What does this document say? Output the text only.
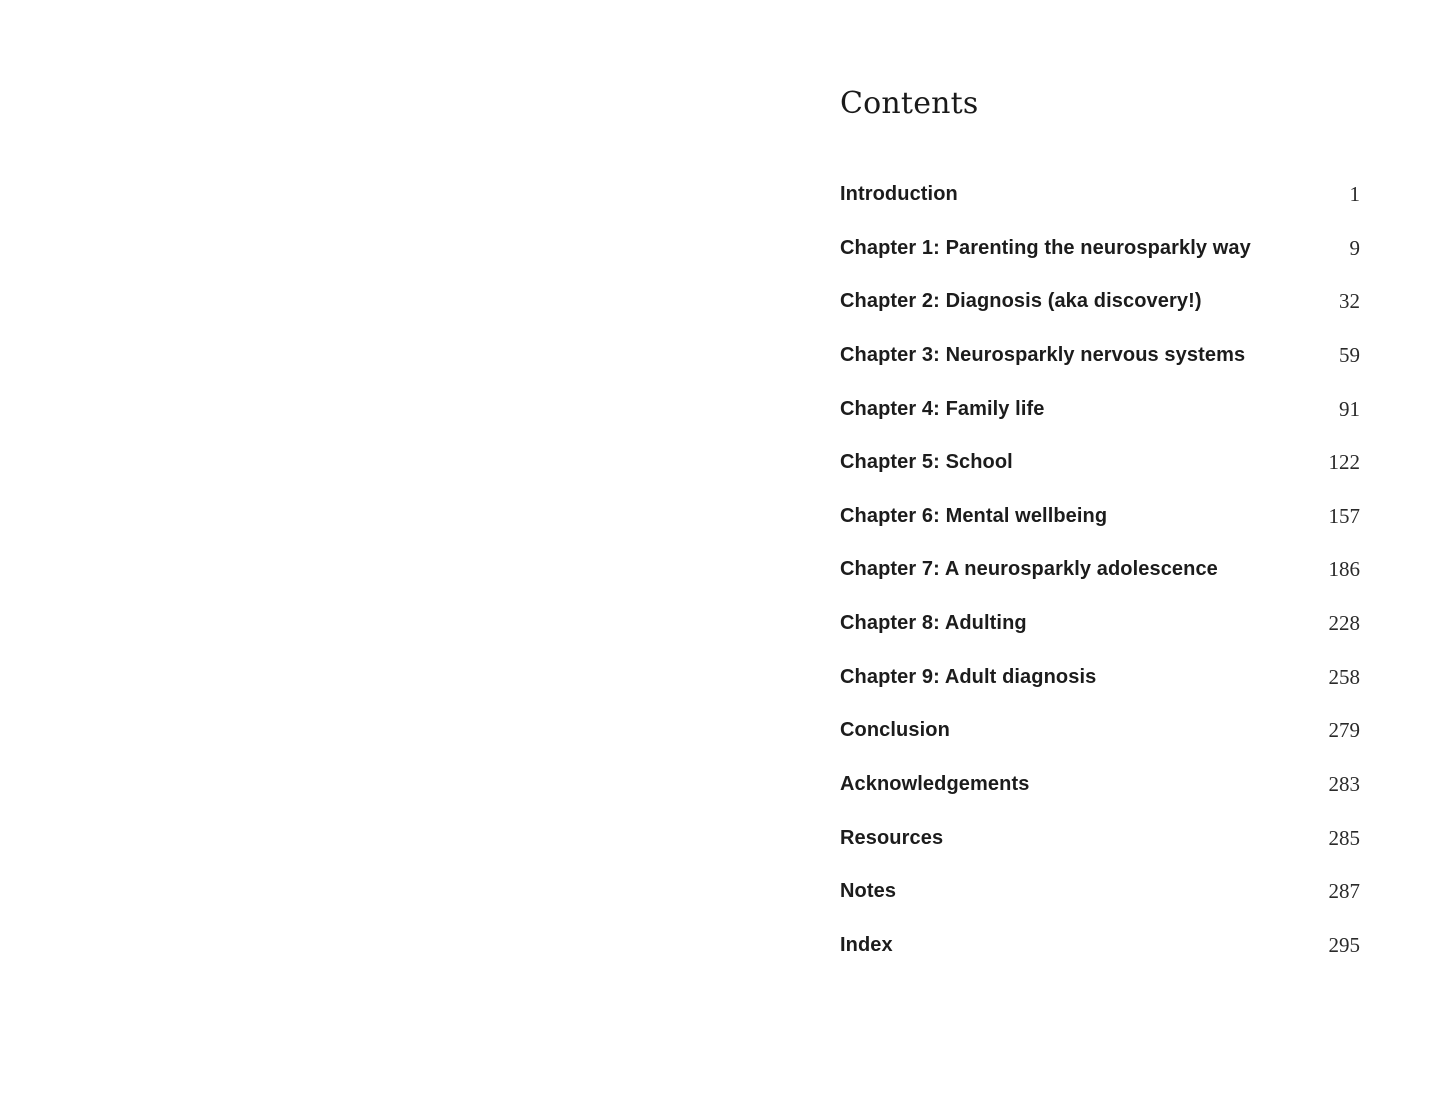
Contents
Introduction	1
Chapter 1: Parenting the neurosparkly way	9
Chapter 2: Diagnosis (aka discovery!)	32
Chapter 3: Neurosparkly nervous systems	59
Chapter 4: Family life	91
Chapter 5: School	122
Chapter 6: Mental wellbeing	157
Chapter 7: A neurosparkly adolescence	186
Chapter 8: Adulting	228
Chapter 9: Adult diagnosis	258
Conclusion	279
Acknowledgements	283
Resources	285
Notes	287
Index	295
